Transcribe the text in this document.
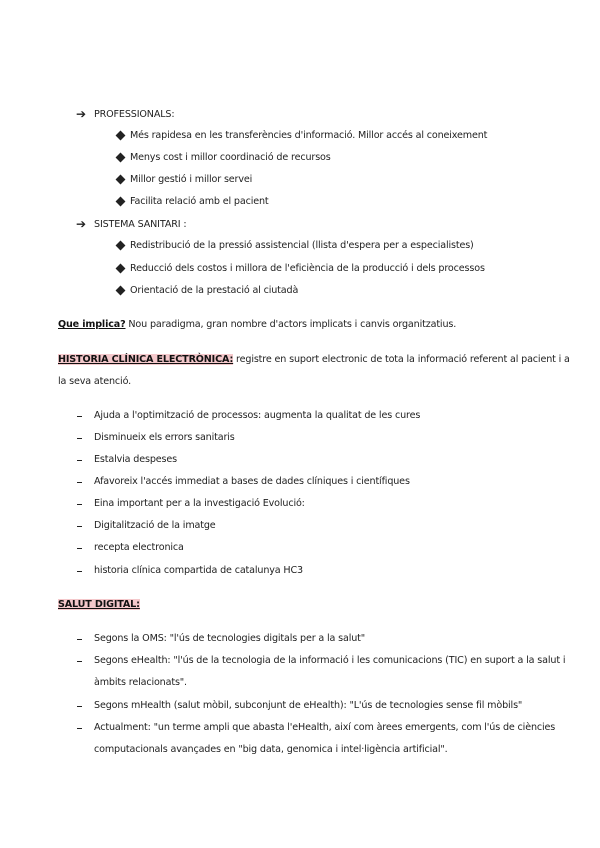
➔ PROFESSIONALS:
Més rapidesa en les transferències d'informació. Millor accés al coneixement
Menys cost i millor coordinació de recursos
Millor gestió i millor servei
Facilita relació amb el pacient
➔ SISTEMA SANITARI :
Redistribució de la pressió assistencial (llista d'espera per a especialistes)
Reducció dels costos i millora de l'eficiència de la producció i dels processos
Orientació de la prestació al ciutadà
Que implica? Nou paradigma, gran nombre d'actors implicats i canvis organitzatius.
HISTORIA CLÍNICA ELECTRÒNICA: registre en suport electronic de tota la informació referent al pacient i a
la seva atenció.
Ajuda a l'optimització de processos: augmenta la qualitat de les cures
Disminueix els errors sanitaris
Estalvia despeses
Afavoreix l'accés immediat a bases de dades clíniques i científiques
Eina important per a la investigació Evolució:
Digitalització de la imatge
recepta electronica
historia clínica compartida de catalunya HC3
SALUT DIGITAL:
Segons la OMS: "l'ús de tecnologies digitals per a la salut"
Segons eHealth: "l'ús de la tecnologia de la informació i les comunicacions (TIC) en suport a la salut i
àmbits relacionats".
Segons mHealth (salut mòbil, subconjunt de eHealth): "L'ús de tecnologies sense fil mòbils"
Actualment: "un terme ampli que abasta l'eHealth, així com àrees emergents, com l'ús de ciències
computacionals avançades en "big data, genomica i intel·ligència artificial".
